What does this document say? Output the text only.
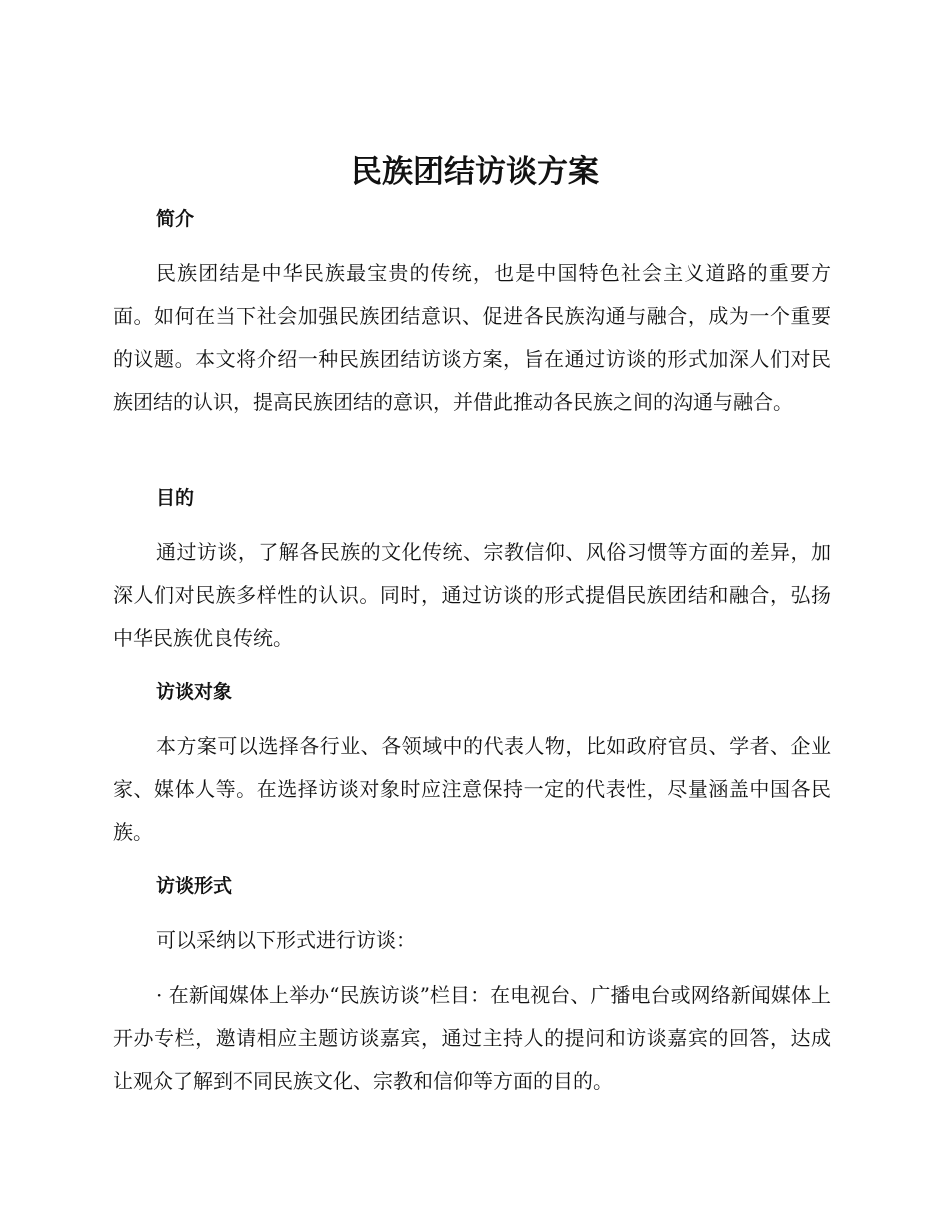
民族团结访谈方案
简介

民族团结是中华民族最宝贵的传统，也是中国特色社会主义道路的重要方面。如何在当下社会加强民族团结意识、促进各民族沟通与融合，成为一个重要的议题。本文将介绍一种民族团结访谈方案，旨在通过访谈的形式加深人们对民族团结的认识，提高民族团结的意识，并借此推动各民族之间的沟通与融合。

目的

通过访谈，了解各民族的文化传统、宗教信仰、风俗习惯等方面的差异，加深人们对民族多样性的认识。同时，通过访谈的形式提倡民族团结和融合，弘扬中华民族优良传统。

访谈对象

本方案可以选择各行业、各领域中的代表人物，比如政府官员、学者、企业家、媒体人等。在选择访谈对象时应注意保持一定的代表性，尽量涵盖中国各民族。

访谈形式

可以采纳以下形式进行访谈：

· 在新闻媒体上举办“民族访谈”栏目：在电视台、广播电台或网络新闻媒体上开办专栏，邀请相应主题访谈嘉宾，通过主持人的提问和访谈嘉宾的回答，达成让观众了解到不同民族文化、宗教和信仰等方面的目的。
